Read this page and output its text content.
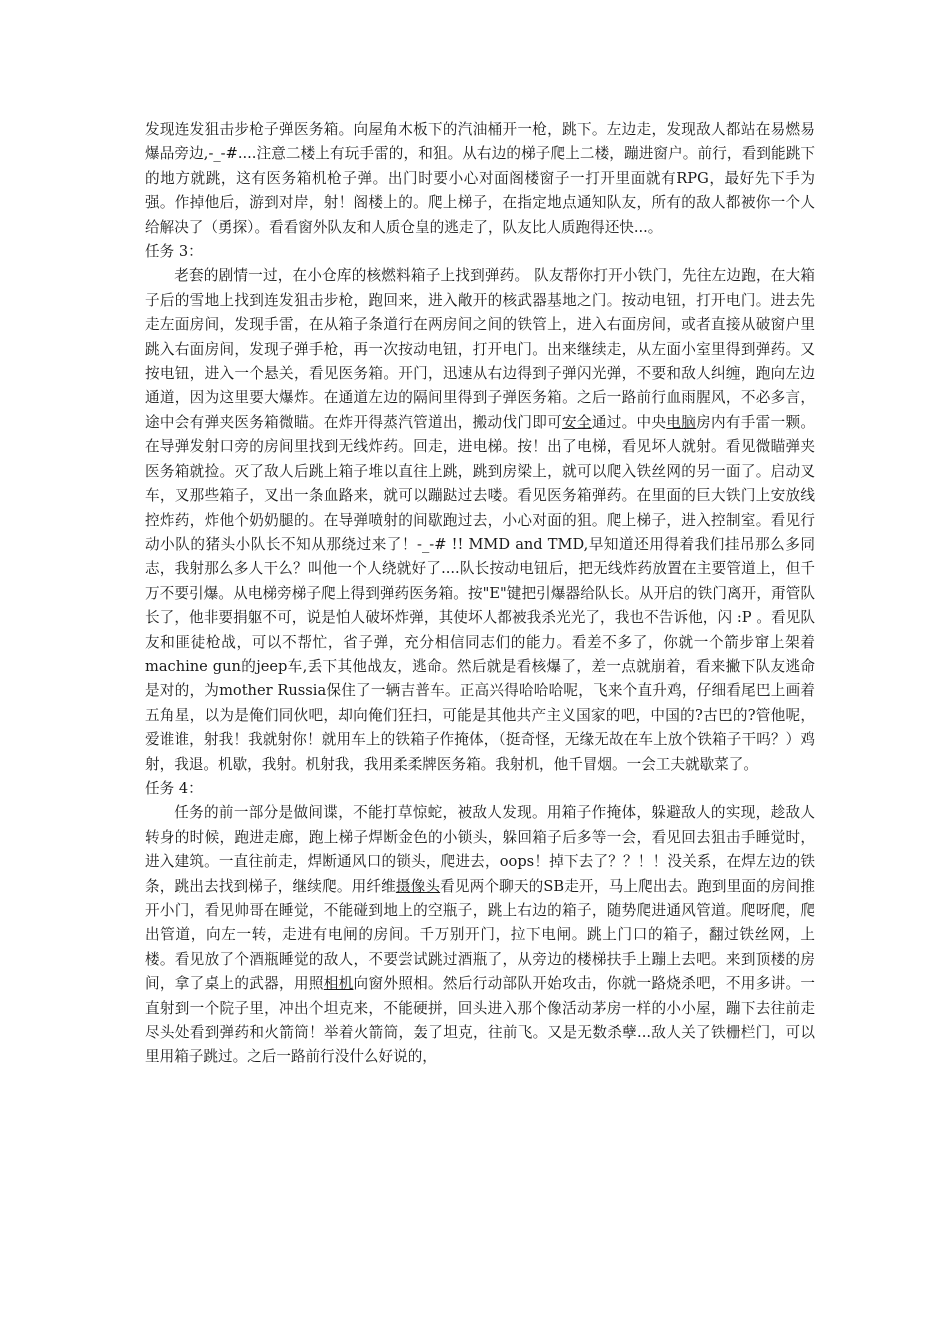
发现连发狙击步枪子弹医务箱。向屋角木板下的汽油桶开一枪，跳下。左边走，发现敌人都站在易燃易爆品旁边,-_-#....注意二楼上有玩手雷的，和狙。从右边的梯子爬上二楼，蹦进窗户。前行，看到能跳下的地方就跳，这有医务箱机枪子弹。出门时要小心对面阁楼窗子一打开里面就有RPG，最好先下手为强。作掉他后，游到对岸，射！阁楼上的。爬上梯子，在指定地点通知队友，所有的敌人都被你一个人给解决了（勇探）。看看窗外队友和人质仓皇的逃走了，队友比人质跑得还快...。

任务 3：

老套的剧情一过，在小仓库的核燃料箱子上找到弹药。 队友帮你打开小铁门，先往左边跑，在大箱子后的雪地上找到连发狙击步枪，跑回来，进入敞开的核武器基地之门。按动电钮，打开电门。进去先走左面房间，发现手雷，在从箱子条道行在两房间之间的铁管上，进入右面房间，或者直接从破窗户里跳入右面房间，发现子弹手枪，再一次按动电钮，打开电门。出来继续走，从左面小室里得到弹药。又按电钮，进入一个悬关，看见医务箱。开门，迅速从右边得到子弹闪光弹，不要和敌人纠缠，跑向左边通道，因为这里要大爆炸。在通道左边的隔间里得到子弹医务箱。之后一路前行血雨腥风，不必多言，途中会有弹夹医务箱微瞄。在炸开得蒸汽管道出，搬动伐门即可安全通过。中央电脑房内有手雷一颗。在导弹发射口旁的房间里找到无线炸药。回走，进电梯。按！出了电梯，看见坏人就射。看见微瞄弹夹医务箱就捡。灭了敌人后跳上箱子堆以直往上跳，跳到房梁上，就可以爬入铁丝网的另一面了。启动叉车，叉那些箱子，叉出一条血路来，就可以蹦跶过去喽。看见医务箱弹药。在里面的巨大铁门上安放线控炸药，炸他个奶奶腿的。在导弹喷射的间歇跑过去，小心对面的狙。爬上梯子，进入控制室。看见行动小队的猪头小队长不知从那绕过来了！-_-# !! MMD and TMD,早知道还用得着我们挂吊那么多同志，我射那么多人干么？叫他一个人绕就好了....队长按动电钮后，把无线炸药放置在主要管道上，但千万不要引爆。从电梯旁梯子爬上得到弹药医务箱。按"E"键把引爆器给队长。从开启的铁门离开，甭管队长了，他非要捐躯不可，说是怕人破坏炸弹，其使坏人都被我杀光光了，我也不告诉他，闪 :P 。看见队友和匪徒枪战，可以不帮忙，省子弹，充分相信同志们的能力。看差不多了，你就一个箭步窜上架着machine gun的jeep车,丢下其他战友，逃命。然后就是看核爆了，差一点就崩着，看来撇下队友逃命是对的，为mother Russia保住了一辆吉普车。正高兴得哈哈哈呢，飞来个直升鸡，仔细看尾巴上画着五角星，以为是俺们同伙吧，却向俺们狂扫，可能是其他共产主义国家的吧，中国的?古巴的?管他呢，爱谁谁，射我！我就射你！就用车上的铁箱子作掩体，（挺奇怪，无缘无故在车上放个铁箱子干吗？）鸡射，我退。机歇，我射。机射我，我用柔柔牌医务箱。我射机，他千冒烟。一会工夫就歇菜了。

任务 4：

任务的前一部分是做间谍，不能打草惊蛇，被敌人发现。用箱子作掩体，躲避敌人的实现，趁敌人转身的时候，跑进走廊，跑上梯子焊断金色的小锁头，躲回箱子后多等一会，看见回去狙击手睡觉时，进入建筑。一直往前走，焊断通风口的锁头，爬进去，oops！掉下去了？？！！没关系，在焊左边的铁条，跳出去找到梯子，继续爬。用纤维摄像头看见两个聊天的SB走开，马上爬出去。跑到里面的房间推开小门，看见帅哥在睡觉，不能碰到地上的空瓶子，跳上右边的箱子，随势爬进通风管道。爬呀爬，爬出管道，向左一转，走进有电闸的房间。千万别开门，拉下电闸。跳上门口的箱子，翻过铁丝网，上楼。看见放了个酒瓶睡觉的敌人，不要尝试跳过酒瓶了，从旁边的楼梯扶手上蹦上去吧。来到顶楼的房间，拿了桌上的武器，用照相机向窗外照相。然后行动部队开始攻击，你就一路烧杀吧，不用多讲。一直射到一个院子里，冲出个坦克来，不能硬拼，回头进入那个像活动茅房一样的小小屋，蹦下去往前走尽头处看到弹药和火箭筒！举着火箭筒，轰了坦克，往前飞。又是无数杀孽...敌人关了铁栅栏门，可以里用箱子跳过。之后一路前行没什么好说的，
